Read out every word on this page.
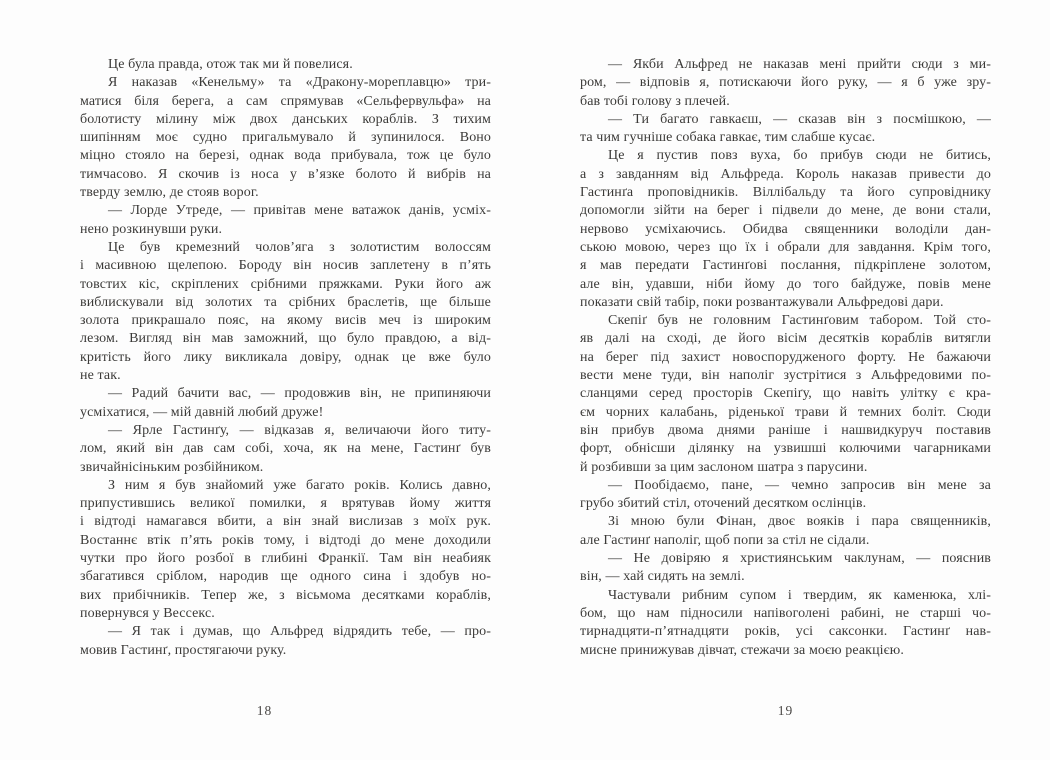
Це була правда, отож так ми й повелися.
Я наказав «Кенельму» та «Дракону-мореплавцю» три-
матися біля берега, а сам спрямував «Сельфервульфа» на
болотисту мілину між двох данських кораблів. З тихим
шипінням моє судно пригальмувало й зупинилося. Воно
міцно стояло на березі, однак вода прибувала, тож це було
тимчасово. Я скочив із носа у в’язке болото й вибрів на
тверду землю, де стояв ворог.
— Лорде Утреде, — привітав мене ватажок данів, усміх-
нено розкинувши руки.
Це був кремезний чолов’яга з золотистим волоссям
і масивною щелепою. Бороду він носив заплетену в п’ять
товстих кіс, скріплених срібними пряжками. Руки його аж
виблискували від золотих та срібних браслетів, ще більше
золота прикрашало пояс, на якому висів меч із широким
лезом. Вигляд він мав заможний, що було правдою, а від-
критість його лику викликала довіру, однак це вже було
не так.
— Радий бачити вас, — продовжив він, не припиняючи
усміхатися, — мій давній любий друже!
— Ярле Гастинґу, — відказав я, величаючи його титу-
лом, який він дав сам собі, хоча, як на мене, Гастинґ був
звичайнісіньким розбійником.
З ним я був знайомий уже багато років. Колись давно,
припустившись великої помилки, я врятував йому життя
і відтоді намагався вбити, а він знай вислизав з моїх рук.
Востаннє втік п’ять років тому, і відтоді до мене доходили
чутки про його розбої в глибині Франкії. Там він неабияк
збагатився сріблом, народив ще одного сина і здобув но-
вих прибічників. Тепер же, з вісьмома десятками кораблів,
повернувся у Вессекс.
— Я так і думав, що Альфред відрядить тебе, — про-
мовив Гастинґ, простягаючи руку.
18
— Якби Альфред не наказав мені прийти сюди з ми-
ром, — відповів я, потискаючи його руку, — я б уже зру-
бав тобі голову з плечей.
— Ти багато гавкаєш, — сказав він з посмішкою, —
та чим гучніше собака гавкає, тим слабше кусає.
Це я пустив повз вуха, бо прибув сюди не битись,
а з завданням від Альфреда. Король наказав привести до
Гастинґа проповідників. Віллібальду та його супровіднику
допомогли зійти на берег і підвели до мене, де вони стали,
нервово усміхаючись. Обидва священники володіли дан-
ською мовою, через що їх і обрали для завдання. Крім того,
я мав передати Гастинґові послання, підкріплене золотом,
але він, удавши, ніби йому до того байдуже, повів мене
показати свій табір, поки розвантажували Альфредові дари.
Скепіґ був не головним Гастинґовим табором. Той сто-
яв далі на сході, де його вісім десятків кораблів витягли
на берег під захист новоспорудженого форту. Не бажаючи
вести мене туди, він наполіг зустрітися з Альфредовими по-
сланцями серед просторів Скепіґу, що навіть улітку є кра-
єм чорних калабань, ріденької трави й темних боліт. Сюди
він прибув двома днями раніше і нашвидкуруч поставив
форт, обнісши ділянку на узвишші колючими чагарниками
й розбивши за цим заслоном шатра з парусини.
— Пообідаємо, пане, — чемно запросив він мене за
грубо збитий стіл, оточений десятком ослінців.
Зі мною були Фінан, двоє вояків і пара священників,
але Гастинґ наполіг, щоб попи за стіл не сідали.
— Не довіряю я християнським чаклунам, — пояснив
він, — хай сидять на землі.
Частували рибним супом і твердим, як каменюка, хлі-
бом, що нам підносили напівоголені рабині, не старші чо-
тирнадцяти-п’ятнадцяти років, усі саксонки. Гастинґ нав-
мисне принижував дівчат, стежачи за моєю реакцією.
19
